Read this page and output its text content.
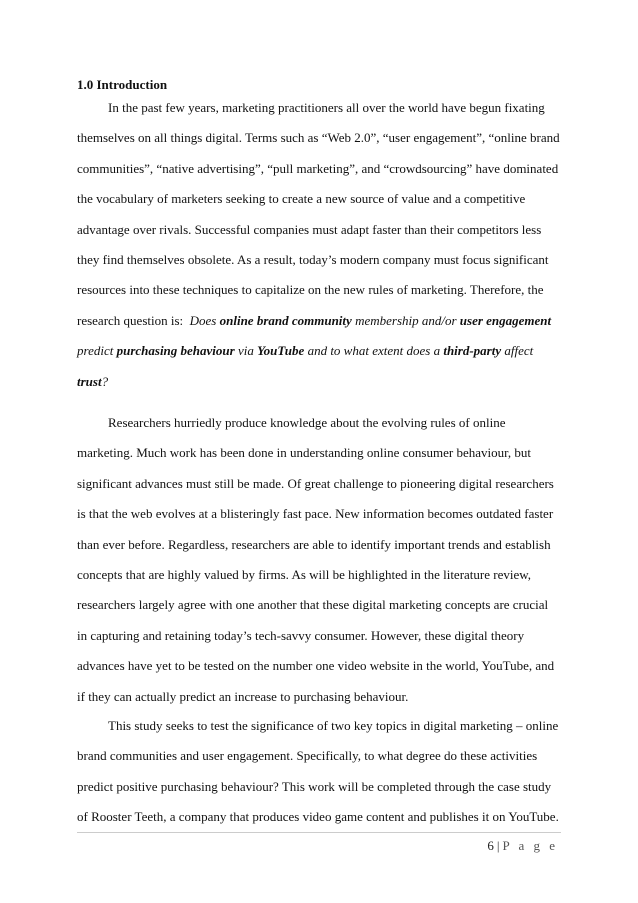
1.0 Introduction

In the past few years, marketing practitioners all over the world have begun fixating themselves on all things digital. Terms such as “Web 2.0”, “user engagement”, “online brand communities”, “native advertising”, “pull marketing”, and “crowdsourcing” have dominated the vocabulary of marketers seeking to create a new source of value and a competitive advantage over rivals. Successful companies must adapt faster than their competitors less they find themselves obsolete. As a result, today’s modern company must focus significant resources into these techniques to capitalize on the new rules of marketing. Therefore, the research question is: Does online brand community membership and/or user engagement predict purchasing behaviour via YouTube and to what extent does a third-party affect trust?

Researchers hurriedly produce knowledge about the evolving rules of online marketing. Much work has been done in understanding online consumer behaviour, but significant advances must still be made. Of great challenge to pioneering digital researchers is that the web evolves at a blisteringly fast pace. New information becomes outdated faster than ever before. Regardless, researchers are able to identify important trends and establish concepts that are highly valued by firms. As will be highlighted in the literature review, researchers largely agree with one another that these digital marketing concepts are crucial in capturing and retaining today’s tech-savvy consumer. However, these digital theory advances have yet to be tested on the number one video website in the world, YouTube, and if they can actually predict an increase to purchasing behaviour.

This study seeks to test the significance of two key topics in digital marketing – online brand communities and user engagement. Specifically, to what degree do these activities predict positive purchasing behaviour? This work will be completed through the case study of Rooster Teeth, a company that produces video game content and publishes it on YouTube.

6 | P a g e
